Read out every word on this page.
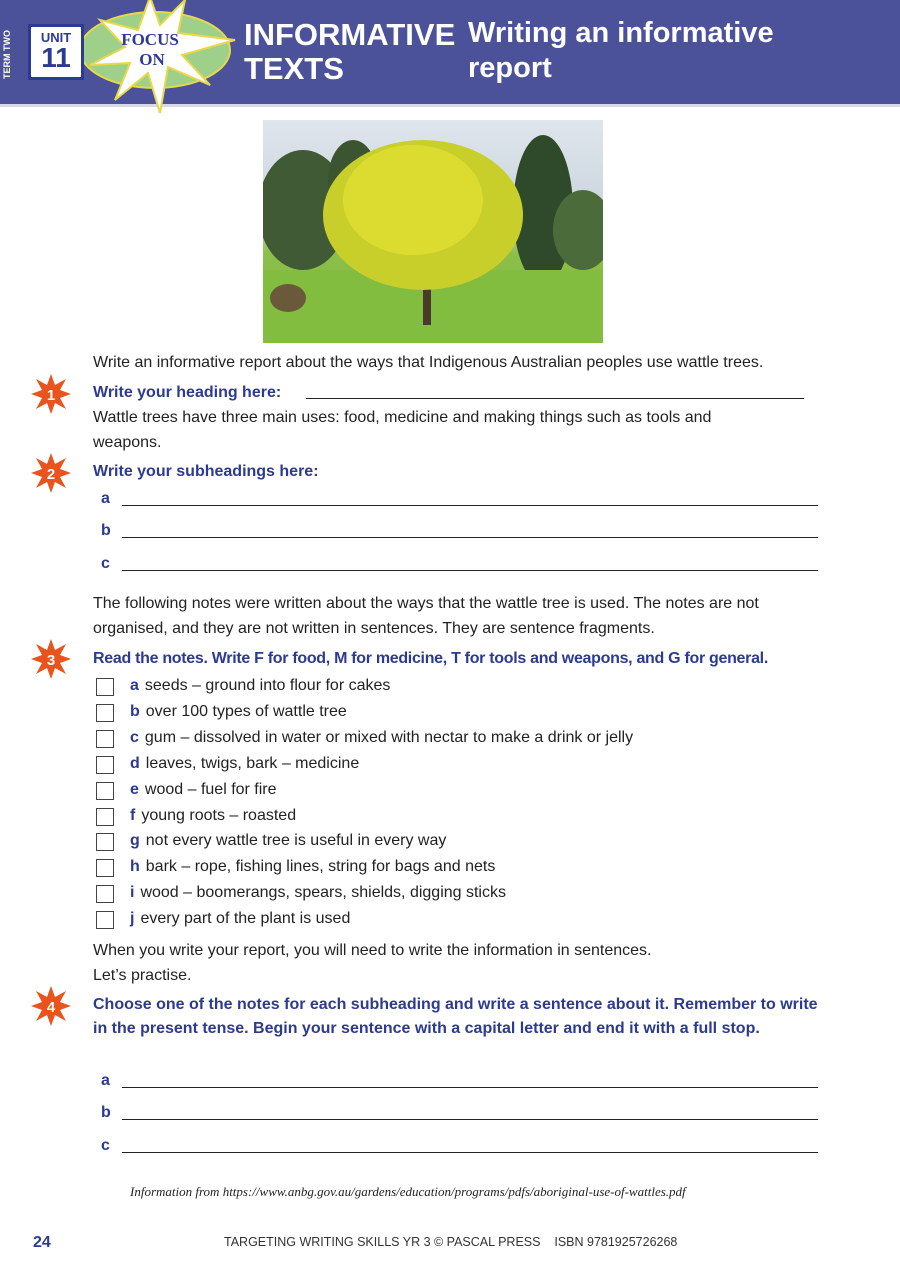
TERM TWO	FOCUS
ON
UNIT
11
INFORMATIVE
TEXTS
Writing an informative
report
Write an informative report about the ways that Indigenous Australian peoples use wattle trees.
1 Write your heading here:
Wattle trees have three main uses: food, medicine and making things such as tools and weapons.
2 Write your subheadings here:
a
b
c
The following notes were written about the ways that the wattle tree is used. The notes are not organised, and they are not written in sentences. They are sentence fragments.
3 Read the notes. Write F for food, M for medicine, T for tools and weapons, and G for general.
a seeds – ground into flour for cakes
b over 100 types of wattle tree
c gum – dissolved in water or mixed with nectar to make a drink or jelly
d leaves, twigs, bark – medicine
e wood – fuel for fire
f young roots – roasted
g not every wattle tree is useful in every way
h bark – rope, fishing lines, string for bags and nets
i wood – boomerangs, spears, shields, digging sticks
j every part of the plant is used
When you write your report, you will need to write the information in sentences.
Let’s practise.
4 Choose one of the notes for each subheading and write a sentence about it. Remember to write in the present tense. Begin your sentence with a capital letter and end it with a full stop.
a
b
c
Information from https://www.anbg.gov.au/gardens/education/programs/pdfs/aboriginal-use-of-wattles.pdf
24	TARGETING WRITING SKILLS YR 3 © PASCAL PRESS    ISBN 9781925726268
